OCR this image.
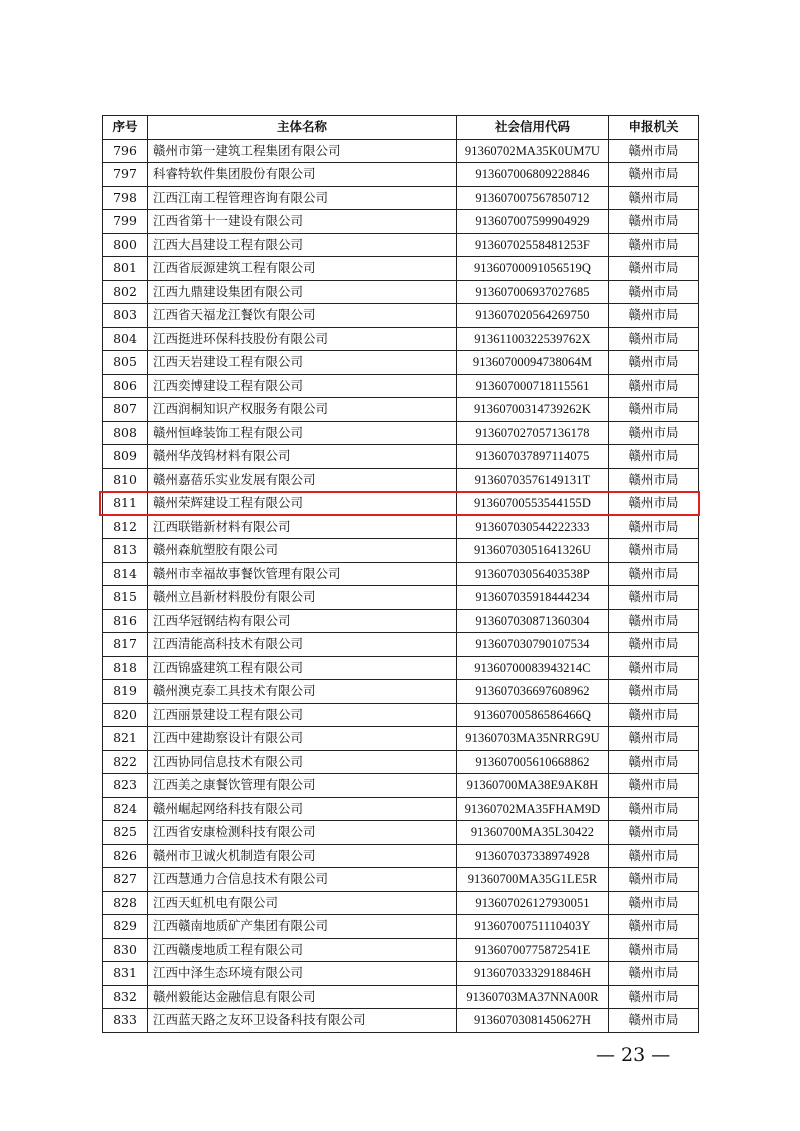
序号	主体名称	社会信用代码	申报机关
796	赣州市第一建筑工程集团有限公司	91360702MA35K0UM7U	赣州市局
797	科睿特软件集团股份有限公司	913607006809228846	赣州市局
798	江西江南工程管理咨询有限公司	913607007567850712	赣州市局
799	江西省第十一建设有限公司	913607007599904929	赣州市局
800	江西大昌建设工程有限公司	91360702558481253F	赣州市局
801	江西省辰源建筑工程有限公司	91360700091056519Q	赣州市局
802	江西九鼎建设集团有限公司	913607006937027685	赣州市局
803	江西省天福龙江餐饮有限公司	913607020564269750	赣州市局
804	江西挺进环保科技股份有限公司	91361100322539762X	赣州市局
805	江西天岩建设工程有限公司	91360700094738064M	赣州市局
806	江西奕博建设工程有限公司	913607000718115561	赣州市局
807	江西润桐知识产权服务有限公司	91360700314739262K	赣州市局
808	赣州恒峰装饰工程有限公司	913607027057136178	赣州市局
809	赣州华茂钨材料有限公司	913607037897114075	赣州市局
810	赣州嘉蓓乐实业发展有限公司	91360703576149131T	赣州市局
811	赣州荣辉建设工程有限公司	91360700553544155D	赣州市局
812	江西联锴新材料有限公司	913607030544222333	赣州市局
813	赣州森航塑胶有限公司	91360703051641326U	赣州市局
814	赣州市幸福故事餐饮管理有限公司	91360703056403538P	赣州市局
815	赣州立昌新材料股份有限公司	913607035918444234	赣州市局
816	江西华冠钢结构有限公司	913607030871360304	赣州市局
817	江西清能高科技术有限公司	913607030790107534	赣州市局
818	江西锦盛建筑工程有限公司	91360700083943214C	赣州市局
819	赣州澳克泰工具技术有限公司	913607036697608962	赣州市局
820	江西丽景建设工程有限公司	91360700586586466Q	赣州市局
821	江西中建勘察设计有限公司	91360703MA35NRRG9U	赣州市局
822	江西协同信息技术有限公司	913607005610668862	赣州市局
823	江西美之康餐饮管理有限公司	91360700MA38E9AK8H	赣州市局
824	赣州崛起网络科技有限公司	91360702MA35FHAM9D	赣州市局
825	江西省安康检测科技有限公司	91360700MA35L30422	赣州市局
826	赣州市卫诚火机制造有限公司	913607037338974928	赣州市局
827	江西慧通力合信息技术有限公司	91360700MA35G1LE5R	赣州市局
828	江西天虹机电有限公司	913607026127930051	赣州市局
829	江西赣南地质矿产集团有限公司	91360700751110403Y	赣州市局
830	江西赣虔地质工程有限公司	91360700775872541E	赣州市局
831	江西中泽生态环境有限公司	91360703332918846H	赣州市局
832	赣州毅能达金融信息有限公司	91360703MA37NNA00R	赣州市局
833	江西蓝天路之友环卫设备科技有限公司	91360703081450627H	赣州市局
— 23 —
